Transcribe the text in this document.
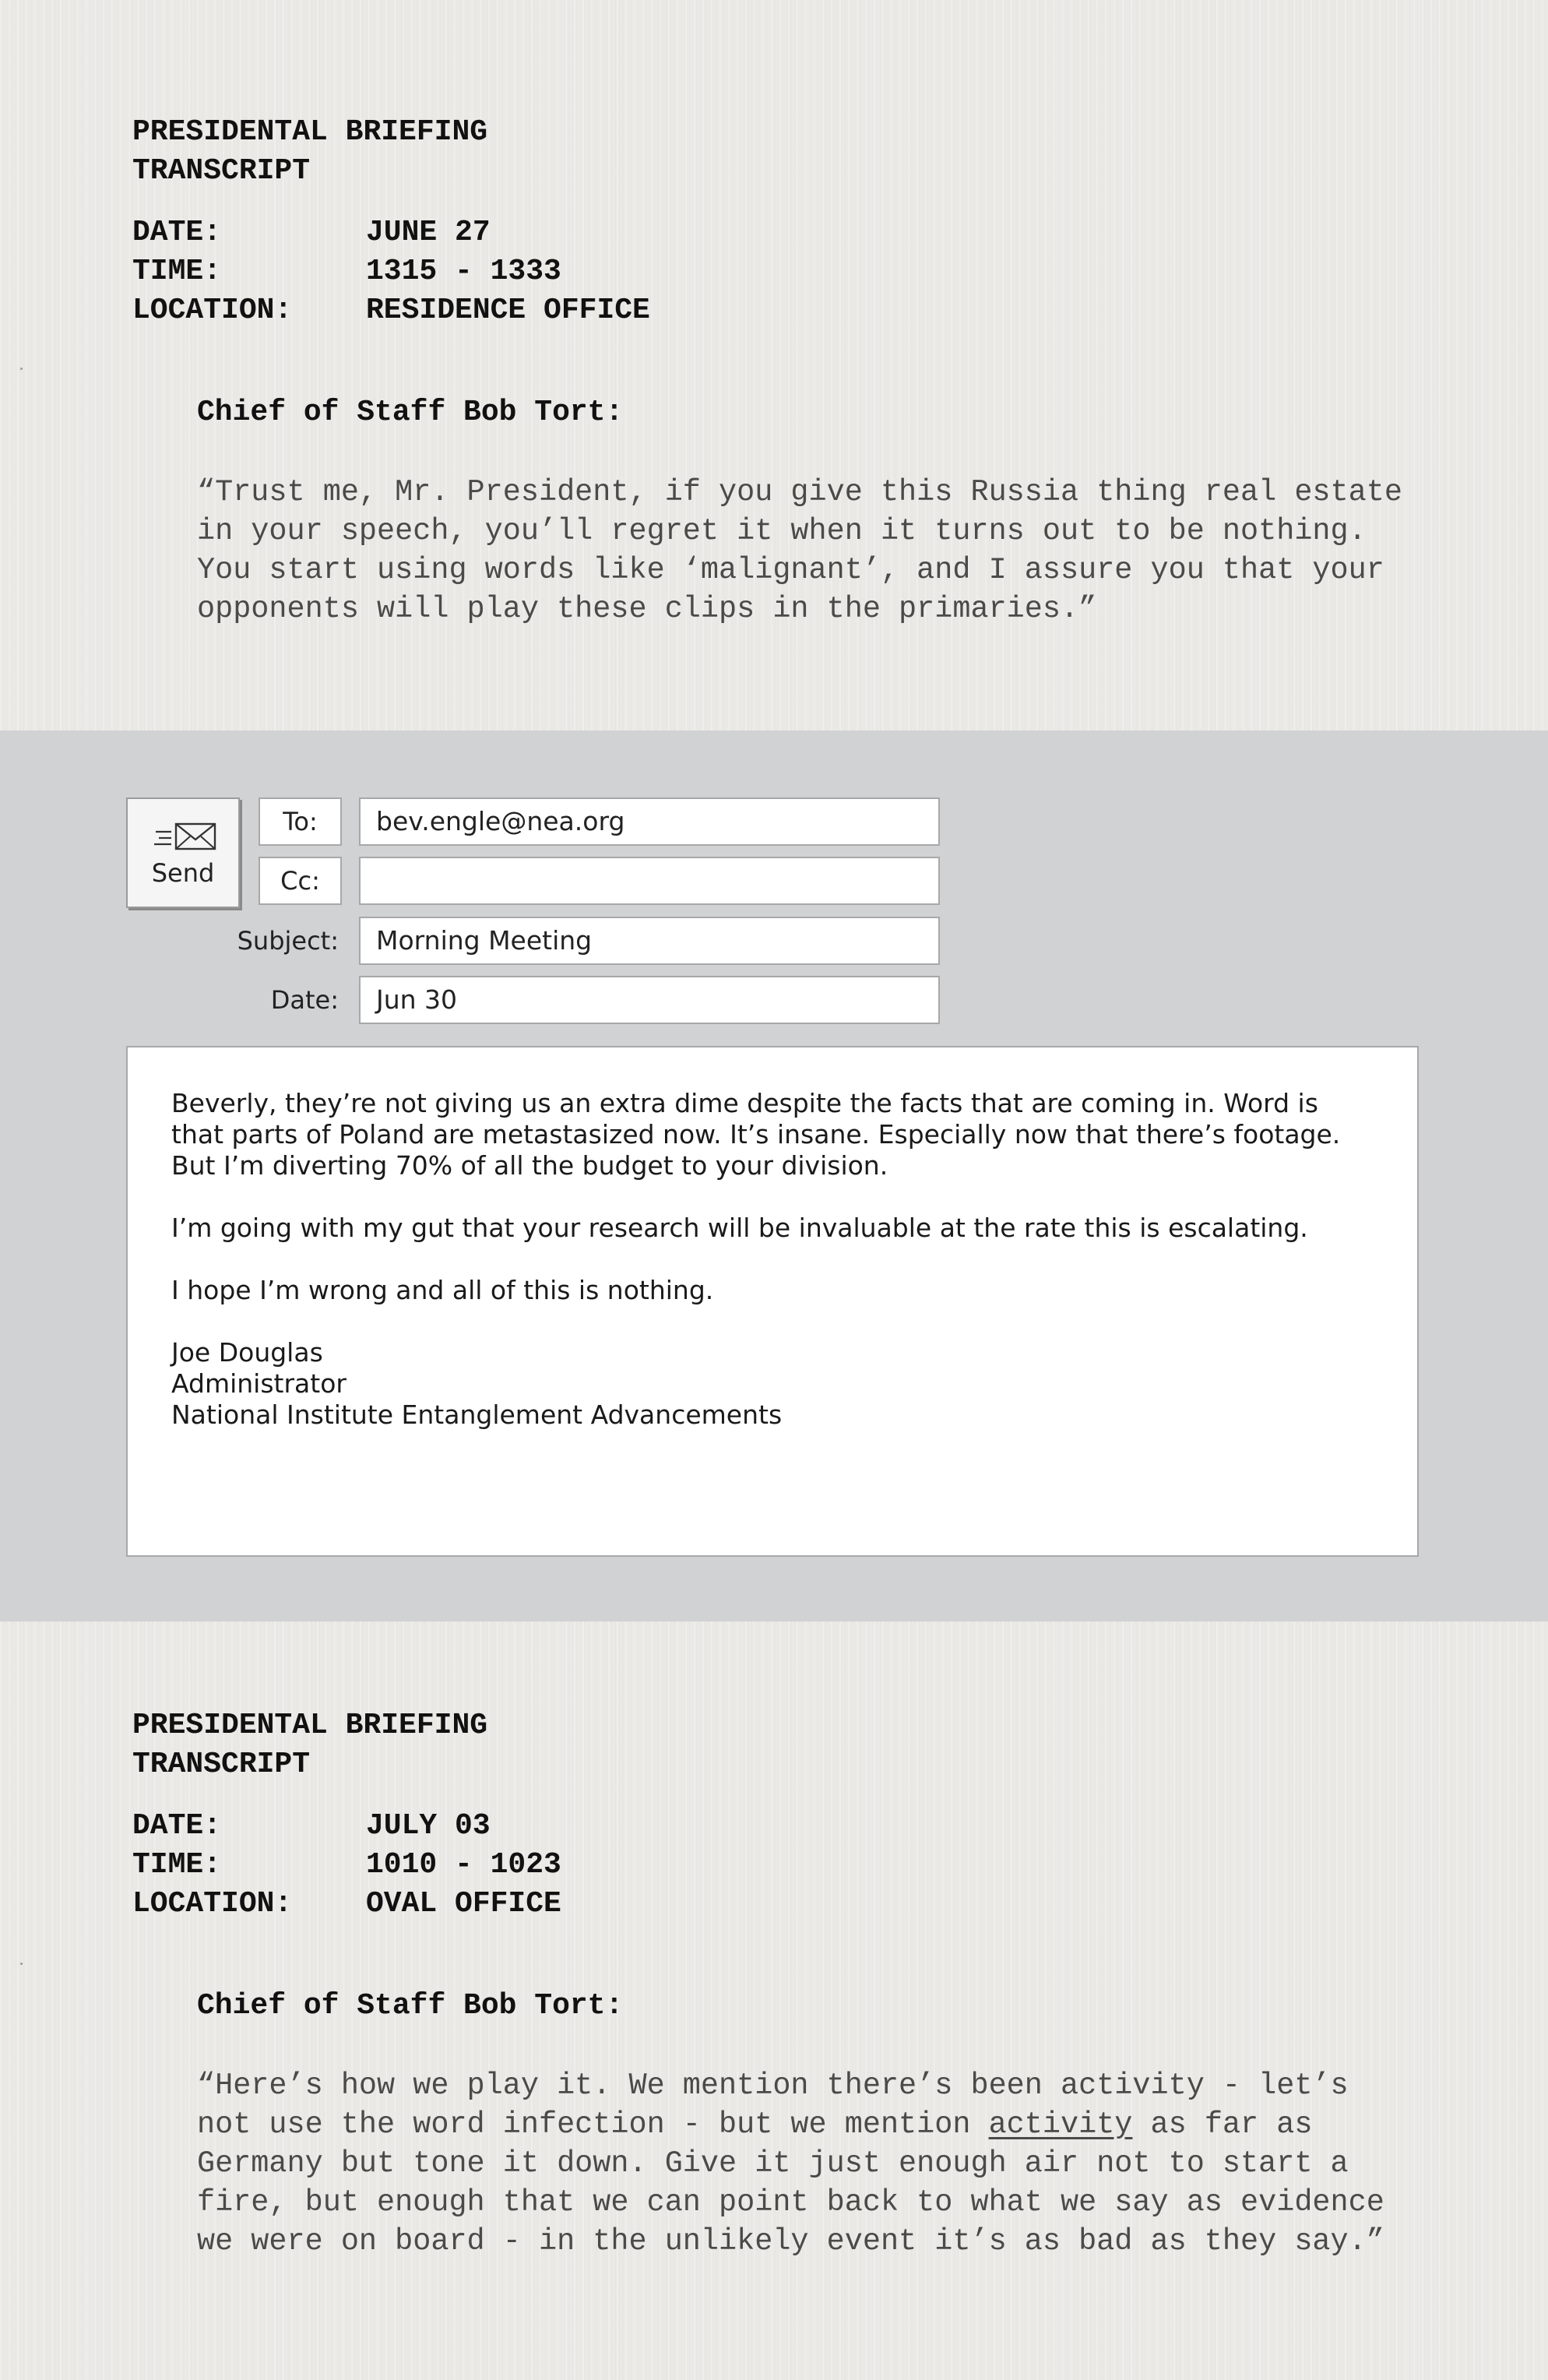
PRESIDENTAL BRIEFING
TRANSCRIPT
DATE:	JUNE 27
TIME:	1315 - 1333
LOCATION:	RESIDENCE OFFICE
Chief of Staff Bob Tort:

“Trust me, Mr. President, if you give this Russia thing real estate in your speech, you’ll regret it when it turns out to be nothing. You start using words like ‘malignant’, and I assure you that your opponents will play these clips in the primaries.”

Send
To:	bev.engle@nea.org
Cc:
Subject:	Morning Meeting
Date:	Jun 30

Beverly, they’re not giving us an extra dime despite the facts that are coming in. Word is that parts of Poland are metastasized now. It’s insane. Especially now that there’s footage. But I’m diverting 70% of all the budget to your division.

I’m going with my gut that your research will be invaluable at the rate this is escalating.

I hope I’m wrong and all of this is nothing.

Joe Douglas
Administrator
National Institute Entanglement Advancements
PRESIDENTAL BRIEFING
TRANSCRIPT
DATE:	JULY 03
TIME:	1010 - 1023
LOCATION:	OVAL OFFICE
Chief of Staff Bob Tort:

“Here’s how we play it. We mention there’s been activity - let’s not use the word infection - but we mention activity as far as Germany but tone it down. Give it just enough air not to start a fire, but enough that we can point back to what we say as evidence we were on board - in the unlikely event it’s as bad as they say.”
